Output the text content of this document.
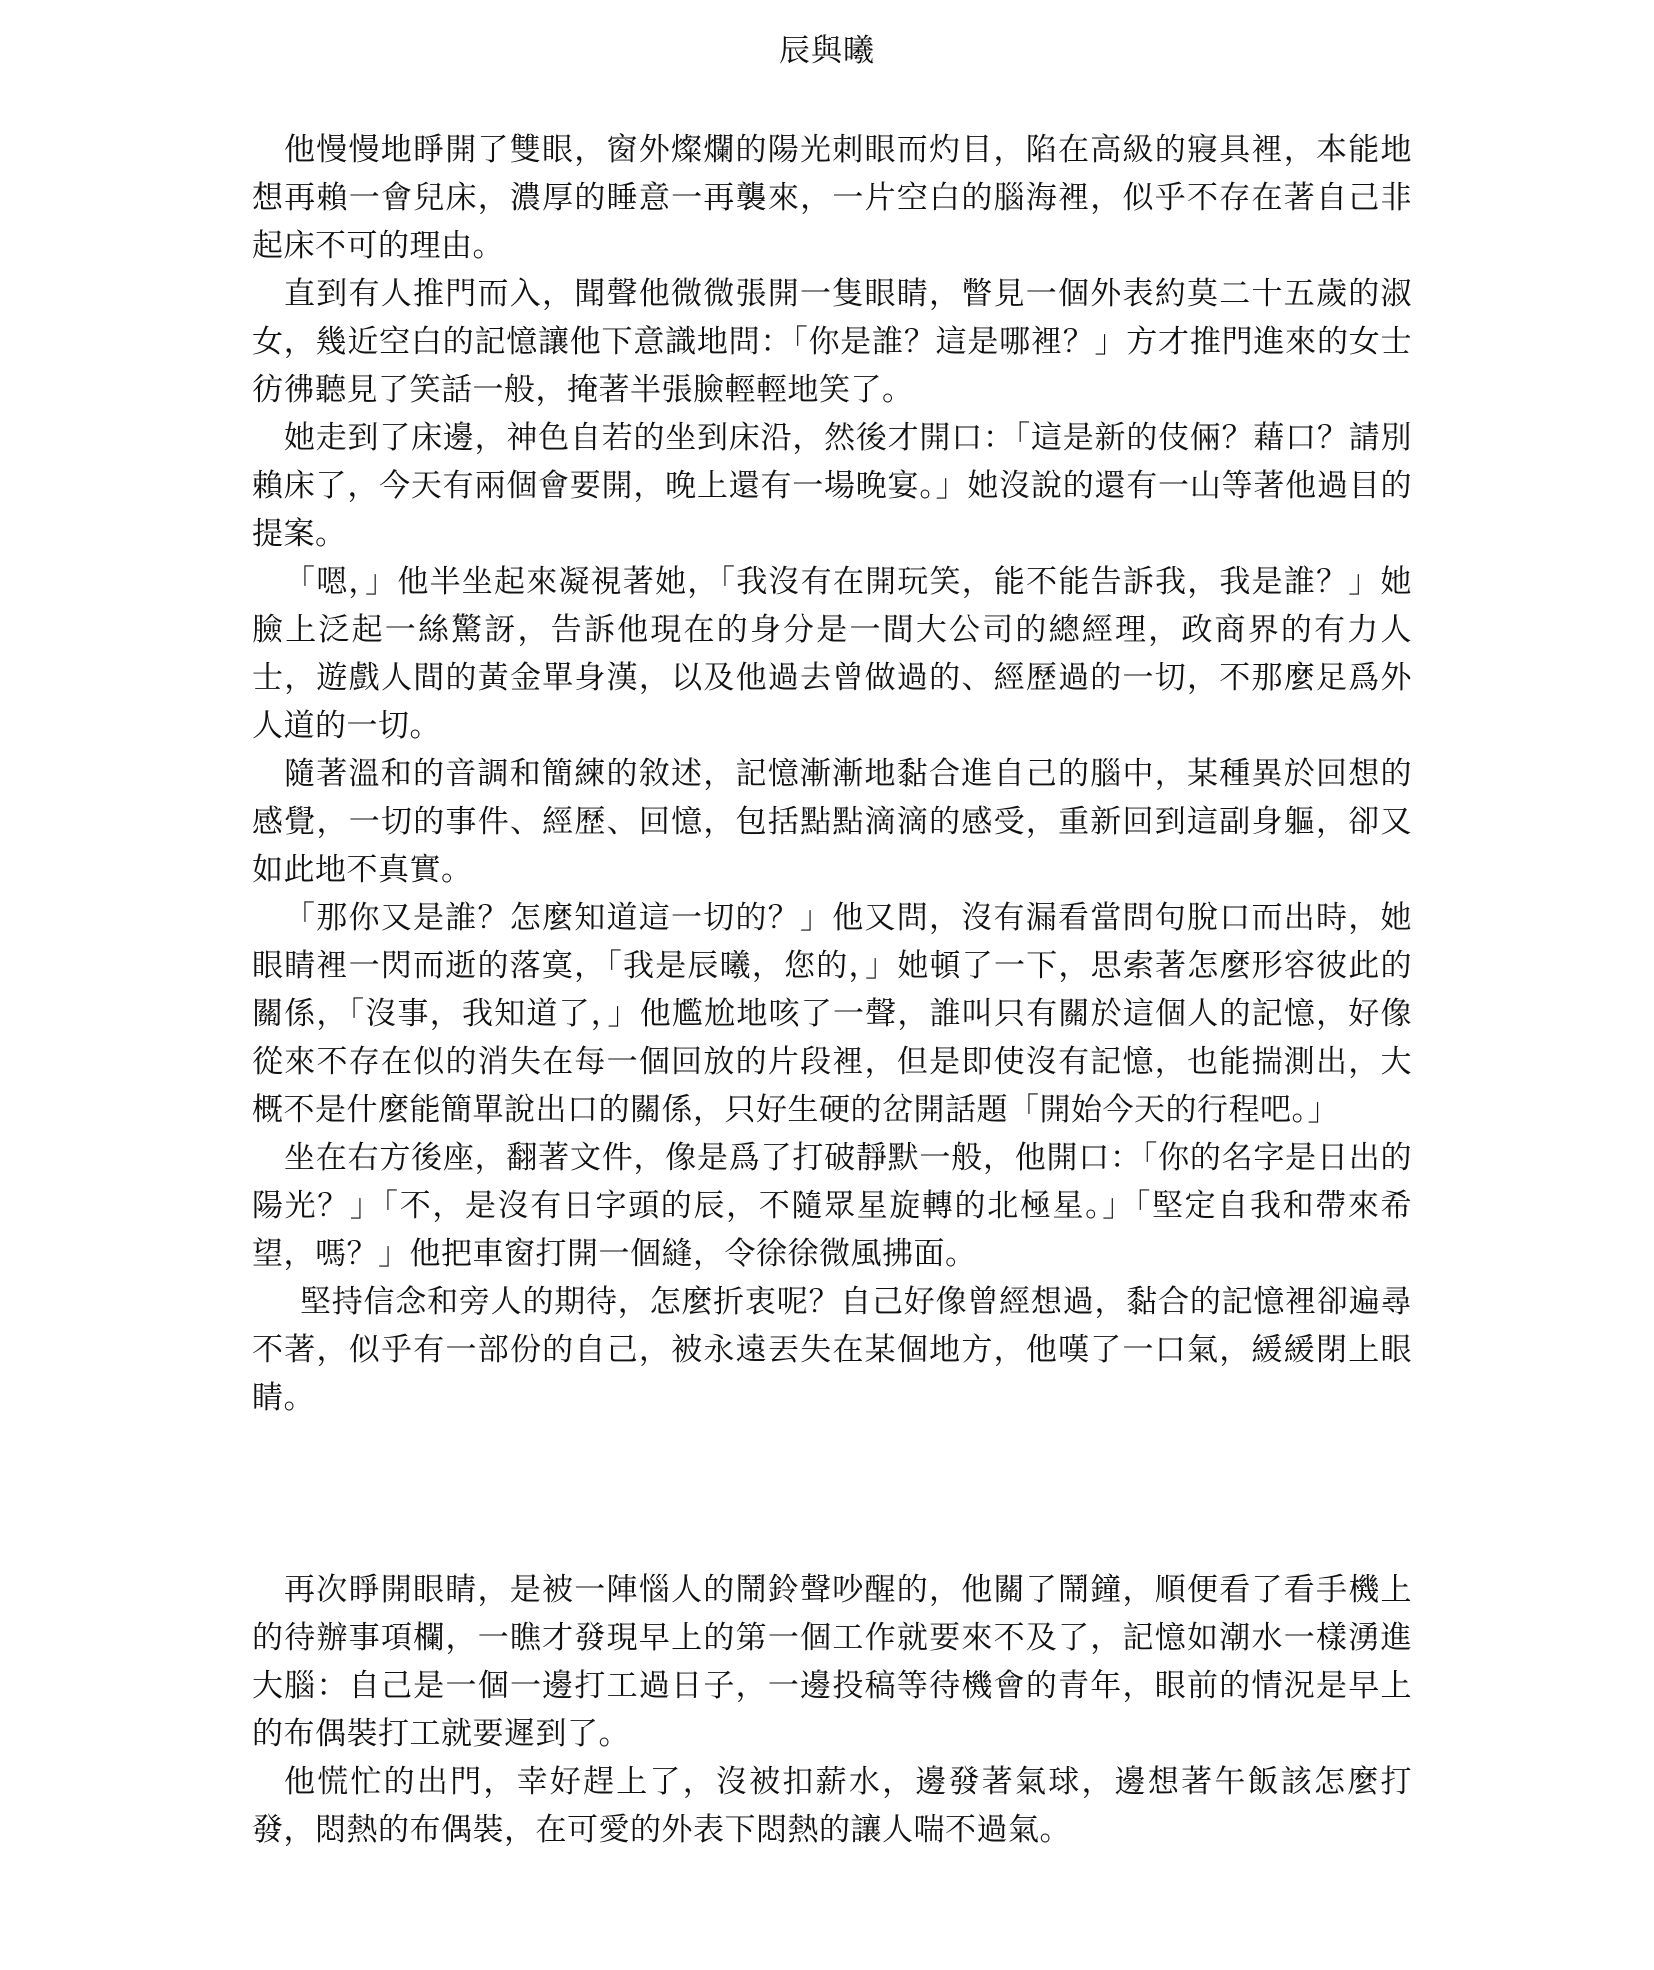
辰與曦

他慢慢地睜開了雙眼，窗外燦爛的陽光刺眼而灼目，陷在高級的寢具裡，本能地想再賴一會兒床，濃厚的睡意一再襲來，一片空白的腦海裡，似乎不存在著自己非起床不可的理由。

直到有人推門而入，聞聲他微微張開一隻眼睛，瞥見一個外表約莫二十五歲的淑女，幾近空白的記憶讓他下意識地問：「你是誰？這是哪裡？」方才推門進來的女士彷彿聽見了笑話一般，掩著半張臉輕輕地笑了。

她走到了床邊，神色自若的坐到床沿，然後才開口：「這是新的伎倆？藉口？請別賴床了，今天有兩個會要開，晚上還有一場晚宴。」她沒說的還有一山等著他過目的提案。

「嗯，」他半坐起來凝視著她，「我沒有在開玩笑，能不能告訴我，我是誰？」她臉上泛起一絲驚訝，告訴他現在的身分是一間大公司的總經理，政商界的有力人士，遊戲人間的黃金單身漢，以及他過去曾做過的、經歷過的一切，不那麼足爲外人道的一切。

隨著溫和的音調和簡練的敘述，記憶漸漸地黏合進自己的腦中，某種異於回想的感覺，一切的事件、經歷、回憶，包括點點滴滴的感受，重新回到這副身軀，卻又如此地不真實。

「那你又是誰？怎麼知道這一切的？」他又問，沒有漏看當問句脫口而出時，她眼睛裡一閃而逝的落寞，「我是辰曦，您的，」她頓了一下，思索著怎麼形容彼此的關係，「沒事，我知道了，」他尷尬地咳了一聲，誰叫只有關於這個人的記憶，好像從來不存在似的消失在每一個回放的片段裡，但是即使沒有記憶，也能揣測出，大概不是什麼能簡單說出口的關係，只好生硬的岔開話題「開始今天的行程吧。」

坐在右方後座，翻著文件，像是爲了打破靜默一般，他開口：「你的名字是日出的陽光？」「不，是沒有日字頭的辰，不隨眾星旋轉的北極星。」「堅定自我和帶來希望，嗎？」他把車窗打開一個縫，令徐徐微風拂面。

堅持信念和旁人的期待，怎麼折衷呢？自己好像曾經想過，黏合的記憶裡卻遍尋不著，似乎有一部份的自己，被永遠丟失在某個地方，他嘆了一口氣，緩緩閉上眼睛。

再次睜開眼睛，是被一陣惱人的鬧鈴聲吵醒的，他關了鬧鐘，順便看了看手機上的待辦事項欄，一瞧才發現早上的第一個工作就要來不及了，記憶如潮水一樣湧進大腦：自己是一個一邊打工過日子，一邊投稿等待機會的青年，眼前的情況是早上的布偶裝打工就要遲到了。

他慌忙的出門，幸好趕上了，沒被扣薪水，邊發著氣球，邊想著午飯該怎麼打發，悶熱的布偶裝，在可愛的外表下悶熱的讓人喘不過氣。
